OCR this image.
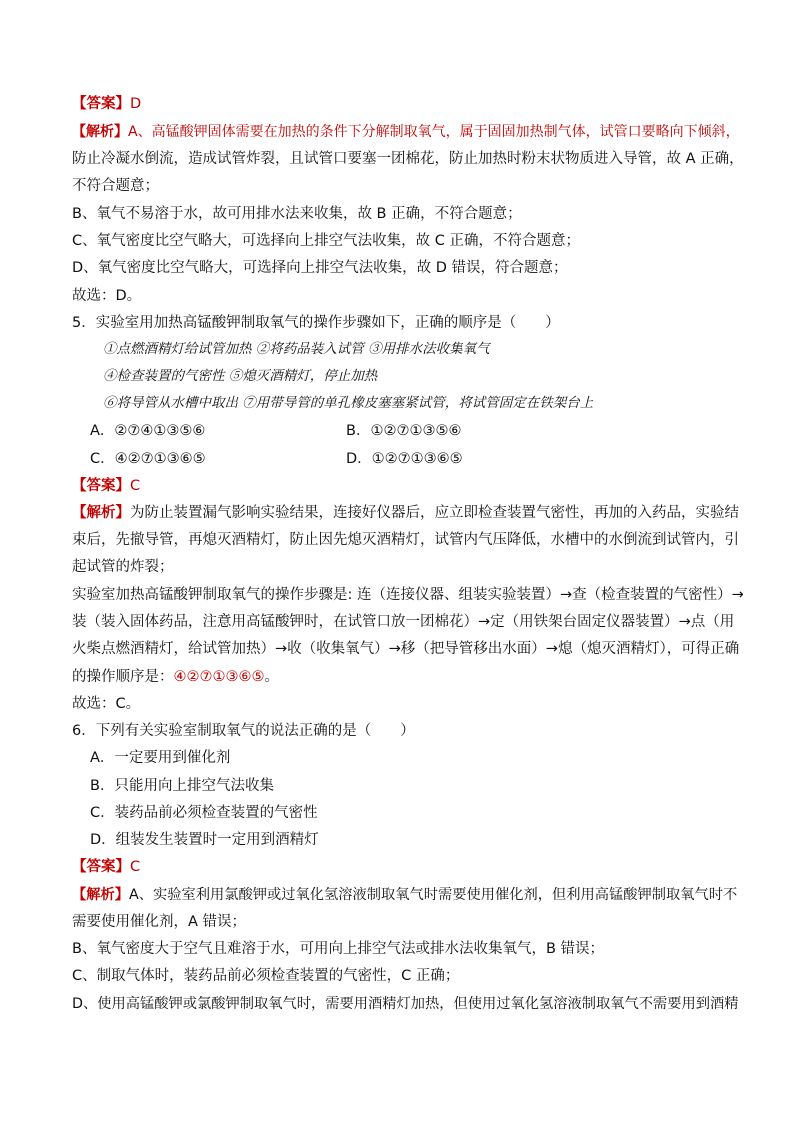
【答案】D
【解析】A、高锰酸钾固体需要在加热的条件下分解制取氧气，属于固固加热制气体，试管口要略向下倾斜，
防止冷凝水倒流，造成试管炸裂，且试管口要塞一团棉花，防止加热时粉末状物质进入导管，故 A 正确，
不符合题意；
B、氧气不易溶于水，故可用排水法来收集，故 B 正确，不符合题意；
C、氧气密度比空气略大，可选择向上排空气法收集，故 C 正确，不符合题意；
D、氧气密度比空气略大，可选择向上排空气法收集，故 D 错误，符合题意；
故选：D。
5．实验室用加热高锰酸钾制取氧气的操作步骤如下，正确的顺序是（　　）
①点燃酒精灯给试管加热 ②将药品装入试管 ③用排水法收集氧气
④检查装置的气密性 ⑤熄灭酒精灯，停止加热
⑥将导管从水槽中取出 ⑦用带导管的单孔橡皮塞塞紧试管，将试管固定在铁架台上
A．②⑦④①③⑤⑥	B．①②⑦①③⑤⑥
C．④②⑦①③⑥⑤	D．①②⑦①③⑥⑤
【答案】C
【解析】为防止装置漏气影响实验结果，连接好仪器后，应立即检查装置气密性，再加的入药品，实验结
束后，先撤导管，再熄灭酒精灯，防止因先熄灭酒精灯，试管内气压降低，水槽中的水倒流到试管内，引
起试管的炸裂；
实验室加热高锰酸钾制取氧气的操作步骤是: 连（连接仪器、组装实验装置）→查（检查装置的气密性）→
装（装入固体药品，注意用高锰酸钾时，在试管口放一团棉花）→定（用铁架台固定仪器装置）→点（用
火柴点燃酒精灯，给试管加热）→收（收集氧气）→移（把导管移出水面）→熄（熄灭酒精灯），可得正确
的操作顺序是：④②⑦①③⑥⑤。
故选：C。
6．下列有关实验室制取氧气的说法正确的是（　　）
A．一定要用到催化剂
B．只能用向上排空气法收集
C．装药品前必须检查装置的气密性
D．组装发生装置时一定用到酒精灯
【答案】C
【解析】A、实验室利用氯酸钾或过氧化氢溶液制取氧气时需要使用催化剂，但利用高锰酸钾制取氧气时不
需要使用催化剂，A 错误；
B、氧气密度大于空气且难溶于水，可用向上排空气法或排水法收集氧气，B 错误；
C、制取气体时，装药品前必须检查装置的气密性，C 正确；
D、使用高锰酸钾或氯酸钾制取氧气时，需要用酒精灯加热，但使用过氧化氢溶液制取氧气不需要用到酒精
